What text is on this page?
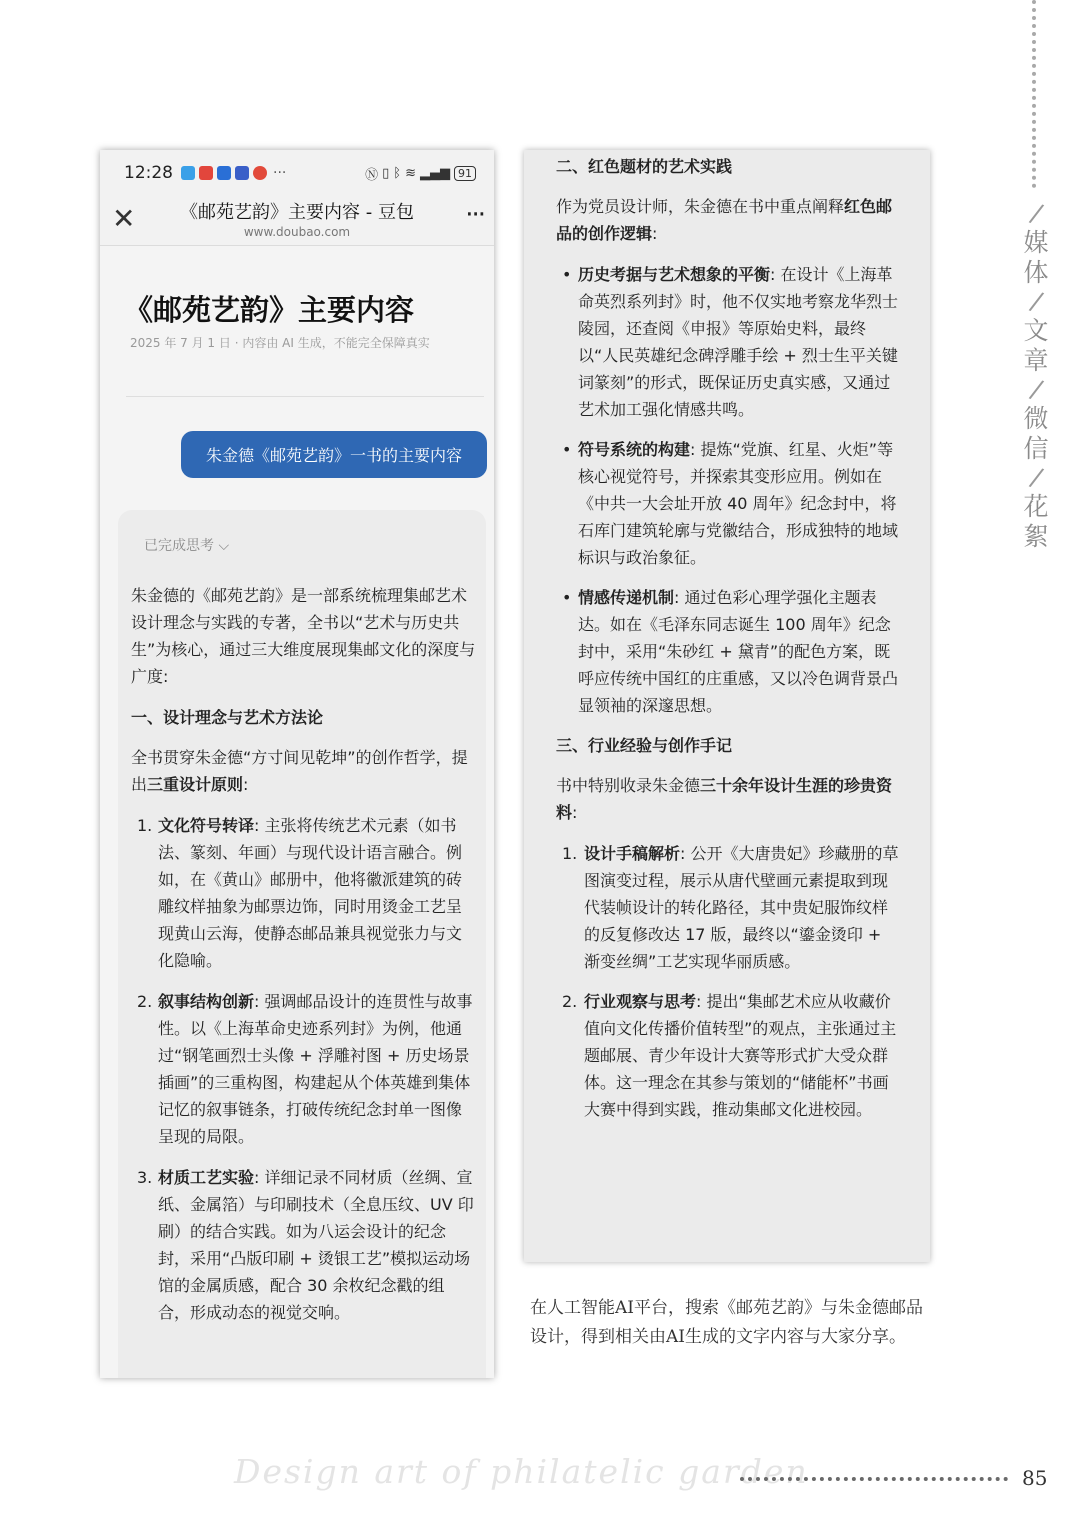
/
媒
体
/
文
章
/
微
信
/
花
絮
12:28	···	Ⓝ ▯ ᛒ ≋ ▂▄▆ 91
✕	《邮苑艺韵》主要内容 - 豆包
www.doubao.com
···
《邮苑艺韵》主要内容
2025 年 7 月 1 日 · 内容由 AI 生成，不能完全保障真实
朱金德《邮苑艺韵》一书的主要内容
已完成思考 ⌵

朱金德的《邮苑艺韵》是一部系统梳理集邮艺术设计理念与实践的专著，全书以“艺术与历史共生”为核心，通过三大维度展现集邮文化的深度与广度:

一、设计理念与艺术方法论

全书贯穿朱金德“方寸间见乾坤”的创作哲学，提出三重设计原则:

1. 文化符号转译: 主张将传统艺术元素（如书法、篆刻、年画）与现代设计语言融合。例如，在《黄山》邮册中，他将徽派建筑的砖雕纹样抽象为邮票边饰，同时用烫金工艺呈现黄山云海，使静态邮品兼具视觉张力与文化隐喻。
2. 叙事结构创新: 强调邮品设计的连贯性与故事性。以《上海革命史迹系列封》为例，他通过“钢笔画烈士头像 + 浮雕衬图 + 历史场景插画”的三重构图，构建起从个体英雄到集体记忆的叙事链条，打破传统纪念封单一图像呈现的局限。
3. 材质工艺实验: 详细记录不同材质（丝绸、宣纸、金属箔）与印刷技术（全息压纹、UV 印刷）的结合实践。如为八运会设计的纪念封，采用“凸版印刷 + 烫银工艺”模拟运动场馆的金属质感，配合 30 余枚纪念戳的组合，形成动态的视觉交响。
二、红色题材的艺术实践

作为党员设计师，朱金德在书中重点阐释红色邮品的创作逻辑:

• 历史考据与艺术想象的平衡: 在设计《上海革命英烈系列封》时，他不仅实地考察龙华烈士陵园，还查阅《申报》等原始史料，最终以“人民英雄纪念碑浮雕手绘 + 烈士生平关键词篆刻”的形式，既保证历史真实感，又通过艺术加工强化情感共鸣。
• 符号系统的构建: 提炼“党旗、红星、火炬”等核心视觉符号，并探索其变形应用。例如在《中共一大会址开放 40 周年》纪念封中，将石库门建筑轮廓与党徽结合，形成独特的地域标识与政治象征。
• 情感传递机制: 通过色彩心理学强化主题表达。如在《毛泽东同志诞生 100 周年》纪念封中，采用“朱砂红 + 黛青”的配色方案，既呼应传统中国红的庄重感，又以冷色调背景凸显领袖的深邃思想。
三、行业经验与创作手记

书中特别收录朱金德三十余年设计生涯的珍贵资料:

1. 设计手稿解析: 公开《大唐贵妃》珍藏册的草图演变过程，展示从唐代壁画元素提取到现代装帧设计的转化路径，其中贵妃服饰纹样的反复修改达 17 版，最终以“鎏金烫印 + 渐变丝绸”工艺实现华丽质感。
2. 行业观察与思考: 提出“集邮艺术应从收藏价值向文化传播价值转型”的观点，主张通过主题邮展、青少年设计大赛等形式扩大受众群体。这一理念在其参与策划的“储能杯”书画大赛中得到实践，推动集邮文化进校园。
在人工智能AI平台，搜索《邮苑艺韵》与朱金德邮品设计，得到相关由AI生成的文字内容与大家分享。
Design art of philatelic garden	85
